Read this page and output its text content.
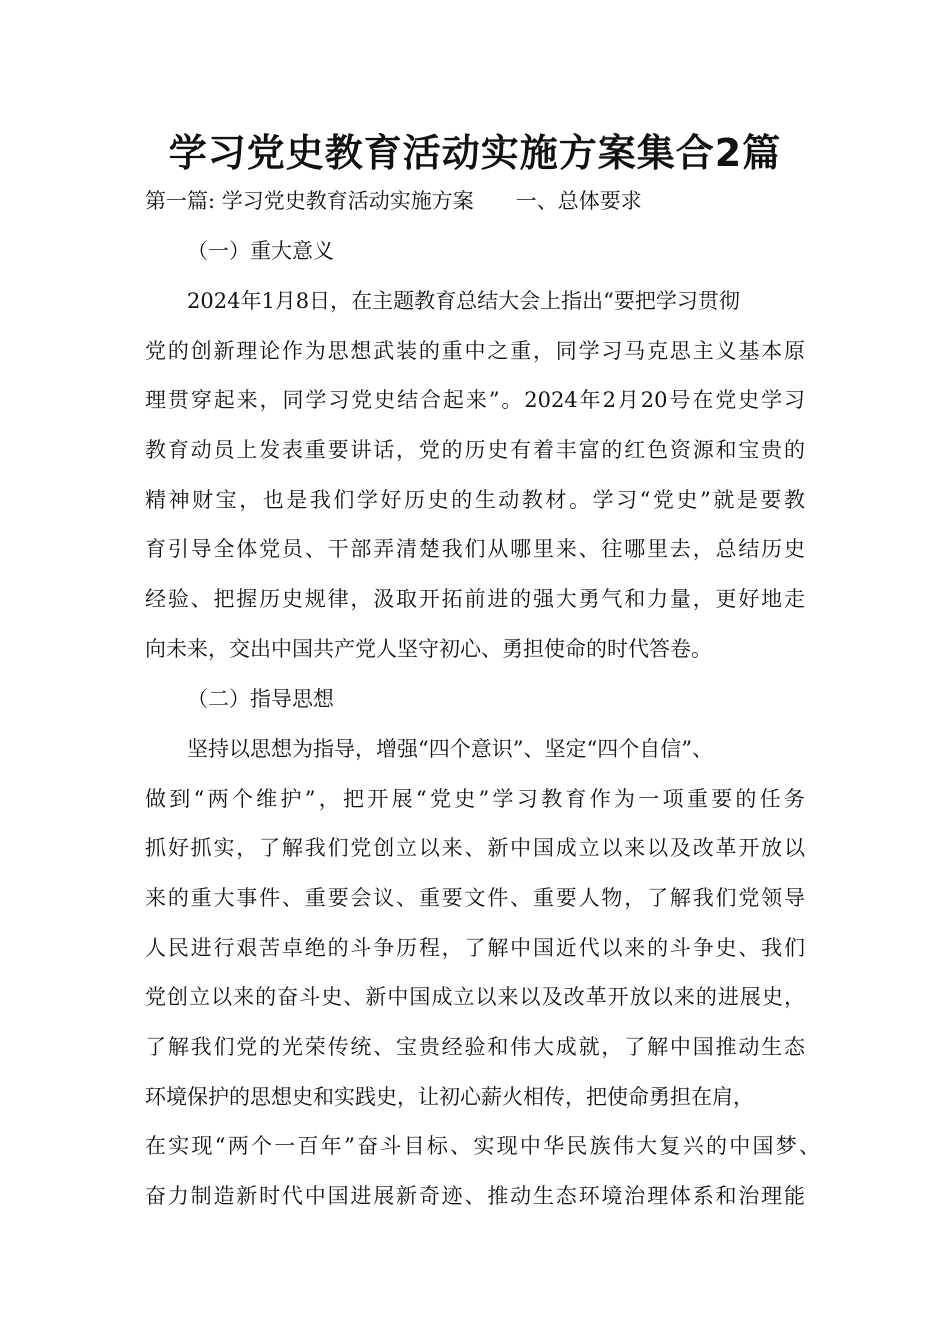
学习党史教育活动实施方案集合2篇

第一篇: 学习党史教育活动实施方案　　一、总体要求

（一）重大意义

2024年1月8日，在主题教育总结大会上指出“要把学习贯彻

党的创新理论作为思想武装的重中之重，同学习马克思主义基本原

理贯穿起来，同学习党史结合起来”。2024年2月20号在党史学习

教育动员上发表重要讲话，党的历史有着丰富的红色资源和宝贵的

精神财宝，也是我们学好历史的生动教材。学习“党史”就是要教

育引导全体党员、干部弄清楚我们从哪里来、往哪里去，总结历史

经验、把握历史规律，汲取开拓前进的强大勇气和力量，更好地走

向未来，交出中国共产党人坚守初心、勇担使命的时代答卷。

（二）指导思想

坚持以思想为指导，增强“四个意识”、坚定“四个自信”、

做到“两个维护”，把开展“党史”学习教育作为一项重要的任务

抓好抓实，了解我们党创立以来、新中国成立以来以及改革开放以

来的重大事件、重要会议、重要文件、重要人物，了解我们党领导

人民进行艰苦卓绝的斗争历程，了解中国近代以来的斗争史、我们

党创立以来的奋斗史、新中国成立以来以及改革开放以来的进展史，

了解我们党的光荣传统、宝贵经验和伟大成就，了解中国推动生态

环境保护的思想史和实践史，让初心薪火相传，把使命勇担在肩，

在实现“两个一百年”奋斗目标、实现中华民族伟大复兴的中国梦、

奋力制造新时代中国进展新奇迹、推动生态环境治理体系和治理能
